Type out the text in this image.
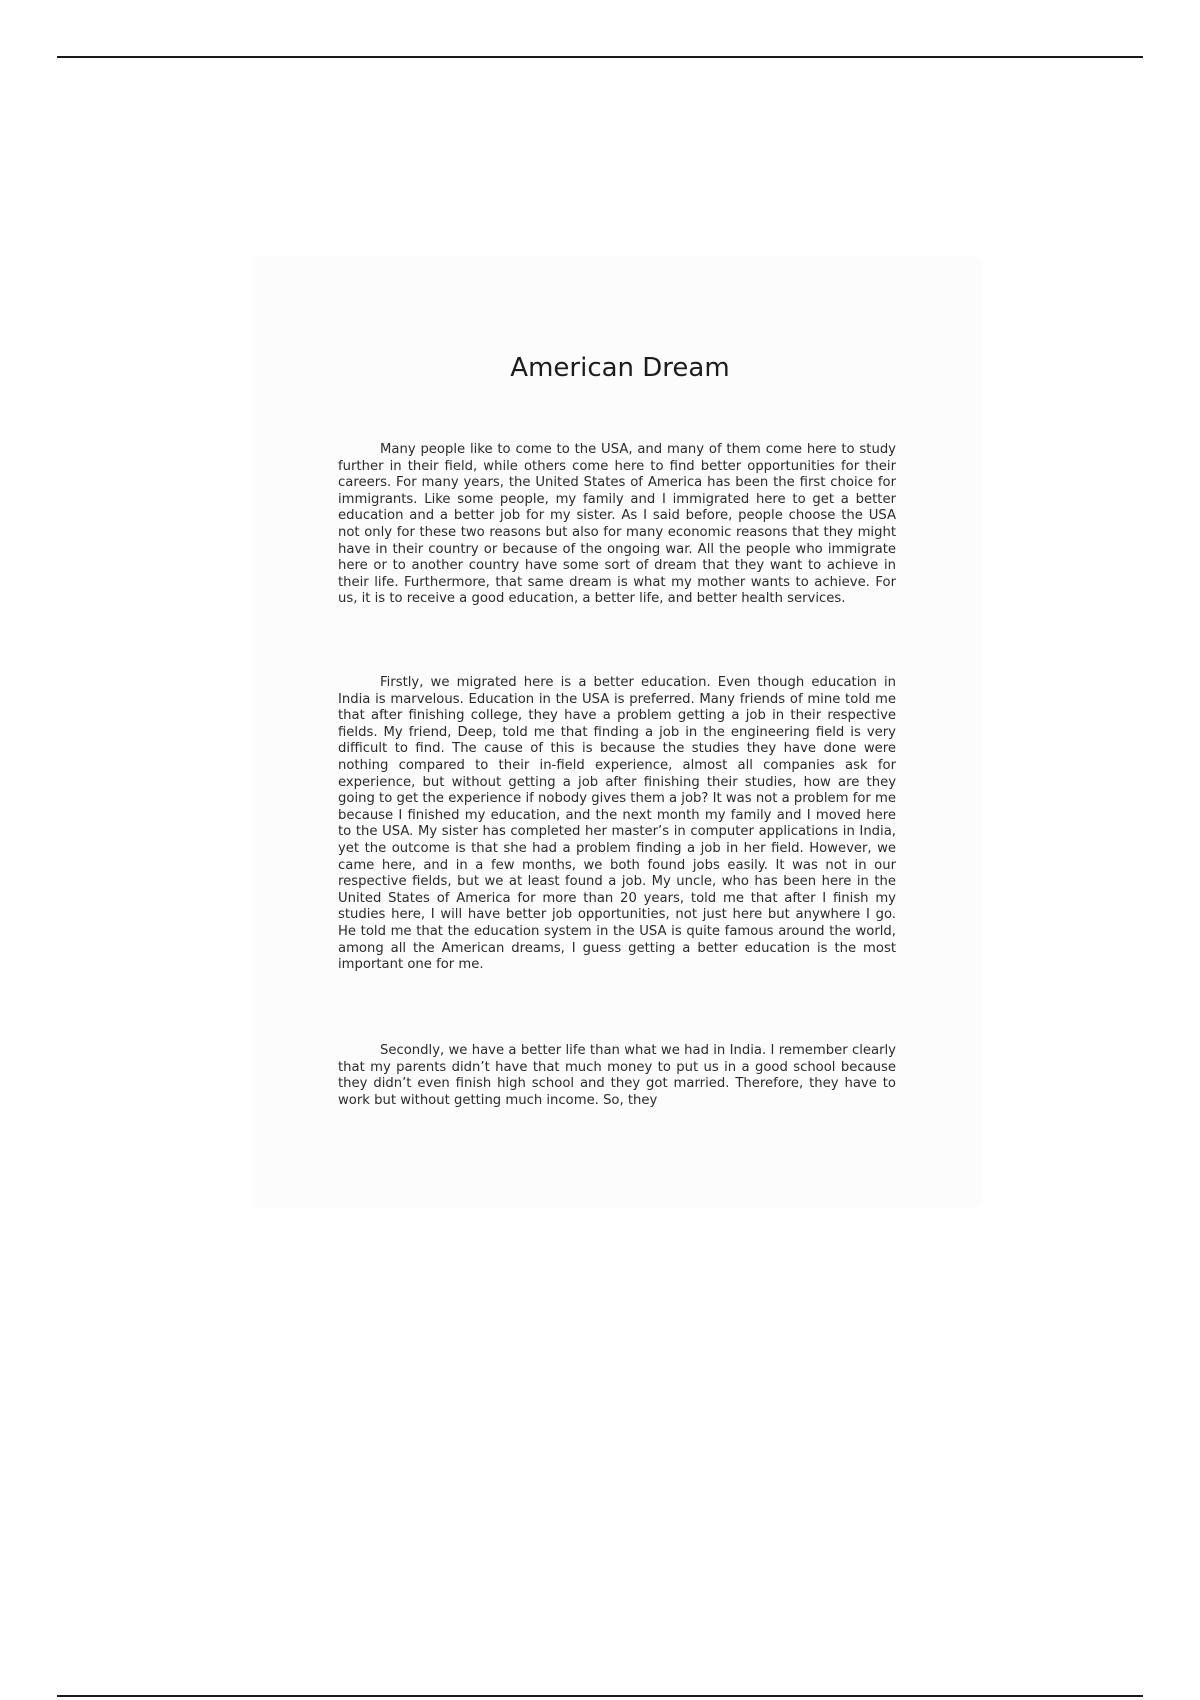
American Dream

Many people like to come to the USA, and many of them come here to study further in their field, while others come here to find better opportunities for their careers. For many years, the United States of America has been the first choice for immigrants. Like some people, my family and I immigrated here to get a better education and a better job for my sister. As I said before, people choose the USA not only for these two reasons but also for many economic reasons that they might have in their country or because of the ongoing war. All the people who immigrate here or to another country have some sort of dream that they want to achieve in their life. Furthermore, that same dream is what my mother wants to achieve. For us, it is to receive a good education, a better life, and better health services.

Firstly, we migrated here is a better education. Even though education in India is marvelous. Education in the USA is preferred. Many friends of mine told me that after finishing college, they have a problem getting a job in their respective fields. My friend, Deep, told me that finding a job in the engineering field is very difficult to find. The cause of this is because the studies they have done were nothing compared to their in-field experience, almost all companies ask for experience, but without getting a job after finishing their studies, how are they going to get the experience if nobody gives them a job? It was not a problem for me because I finished my education, and the next month my family and I moved here to the USA. My sister has completed her master’s in computer applications in India, yet the outcome is that she had a problem finding a job in her field. However, we came here, and in a few months, we both found jobs easily. It was not in our respective fields, but we at least found a job. My uncle, who has been here in the United States of America for more than 20 years, told me that after I finish my studies here, I will have better job opportunities, not just here but anywhere I go. He told me that the education system in the USA is quite famous around the world, among all the American dreams, I guess getting a better education is the most important one for me.

Secondly, we have a better life than what we had in India. I remember clearly that my parents didn’t have that much money to put us in a good school because they didn’t even finish high school and they got married. Therefore, they have to work but without getting much income. So, they
